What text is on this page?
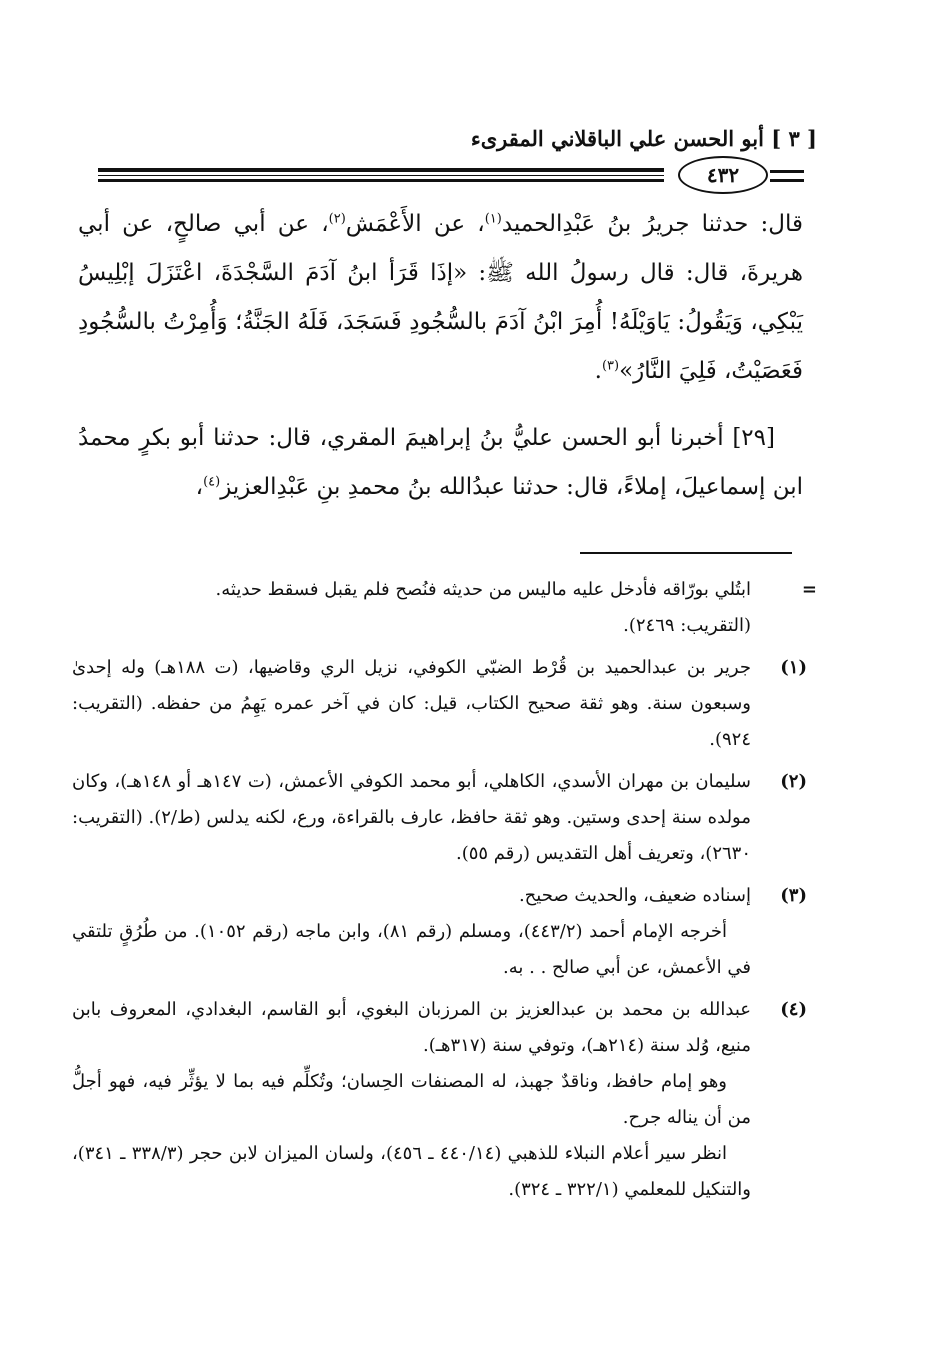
[ ٣ ] أبو الحسن علي الباقلاني المقرىء
٤٣٢

قال: حدثنا جريرُ بنُ عَبْدِالحميد$^{(١)}$، عن الأَعْمَش$^{(٢)}$، عن أبي صالحٍ، عن أبي هريرةَ، قال: قال رسولُ الله ﷺ: «إذَا قَرَأ ابنُ آدَمَ السَّجْدَةَ، اعْتَزَلَ إبْلِيسُ يَبْكِي، وَيَقُولُ: يَاوَيْلَهُ! أُمِرَ ابْنُ آدَمَ بالسُّجُودِ فَسَجَدَ، فَلَهُ الجَنَّةُ؛ وَأُمِرْتُ بالسُّجُودِ فَعَصَيْتُ، فَلِيَ النَّارُ»$^{(٣)}$.

[٢٩] أخبرنا أبو الحسن عليُّ بنُ إبراهيمَ المقري، قال: حدثنا أبو بكرٍ محمدُ ابن إسماعيلَ، إملاءً، قال: حدثنا عبدُالله بنُ محمدِ بنِ عَبْدِالعزيز$^{(٤)}$،

=
ابتُلي بورّاقه فأدخل عليه ماليس من حديثه فنُصح فلم يقبل فسقط حديثه.
(التقريب: ٢٤٦٩).
(١)
جرير بن عبدالحميد بن قُرْط الضبّي الكوفي، نزيل الري وقاضيها، (ت ١٨٨هـ) وله إحدىٰ وسبعون سنة. وهو ثقة صحيح الكتاب، قيل: كان في آخر عمره يَهِمُ من حفظه. (التقريب: ٩٢٤).
(٢)
سليمان بن مهران الأسدي، الكاهلي، أبو محمد الكوفي الأعمش، (ت ١٤٧هـ أو ١٤٨هـ)، وكان مولده سنة إحدى وستين. وهو ثقة حافظ، عارف بالقراءة، ورع، لكنه يدلس (ط/٢). (التقريب: ٢٦٣٠)، وتعريف أهل التقديس (رقم ٥٥).
(٣)
إسناده ضعيف، والحديث صحيح.
أخرجه الإمام أحمد (٤٤٣/٢)، ومسلم (رقم ٨١)، وابن ماجه (رقم ١٠٥٢). من طُرُقٍ تلتقي في الأعمش، عن أبي صالح . . به.
(٤)
عبدالله بن محمد بن عبدالعزيز بن المرزبان البغوي، أبو القاسم، البغدادي، المعروف بابن منيع، وُلد سنة (٢١٤هـ)، وتوفي سنة (٣١٧هـ).
وهو إمام حافظ، وناقدٌ جهبذ، له المصنفات الحِسان؛ وتُكلِّم فيه بما لا يؤثِّر فيه، فهو أجلُّ من أن يناله جرح.
انظر سير أعلام النبلاء للذهبي (٤٤٠/١٤ ـ ٤٥٦)، ولسان الميزان لابن حجر (٣٣٨/٣ ـ ٣٤١)، والتنكيل للمعلمي (٣٢٢/١ ـ ٣٢٤).
